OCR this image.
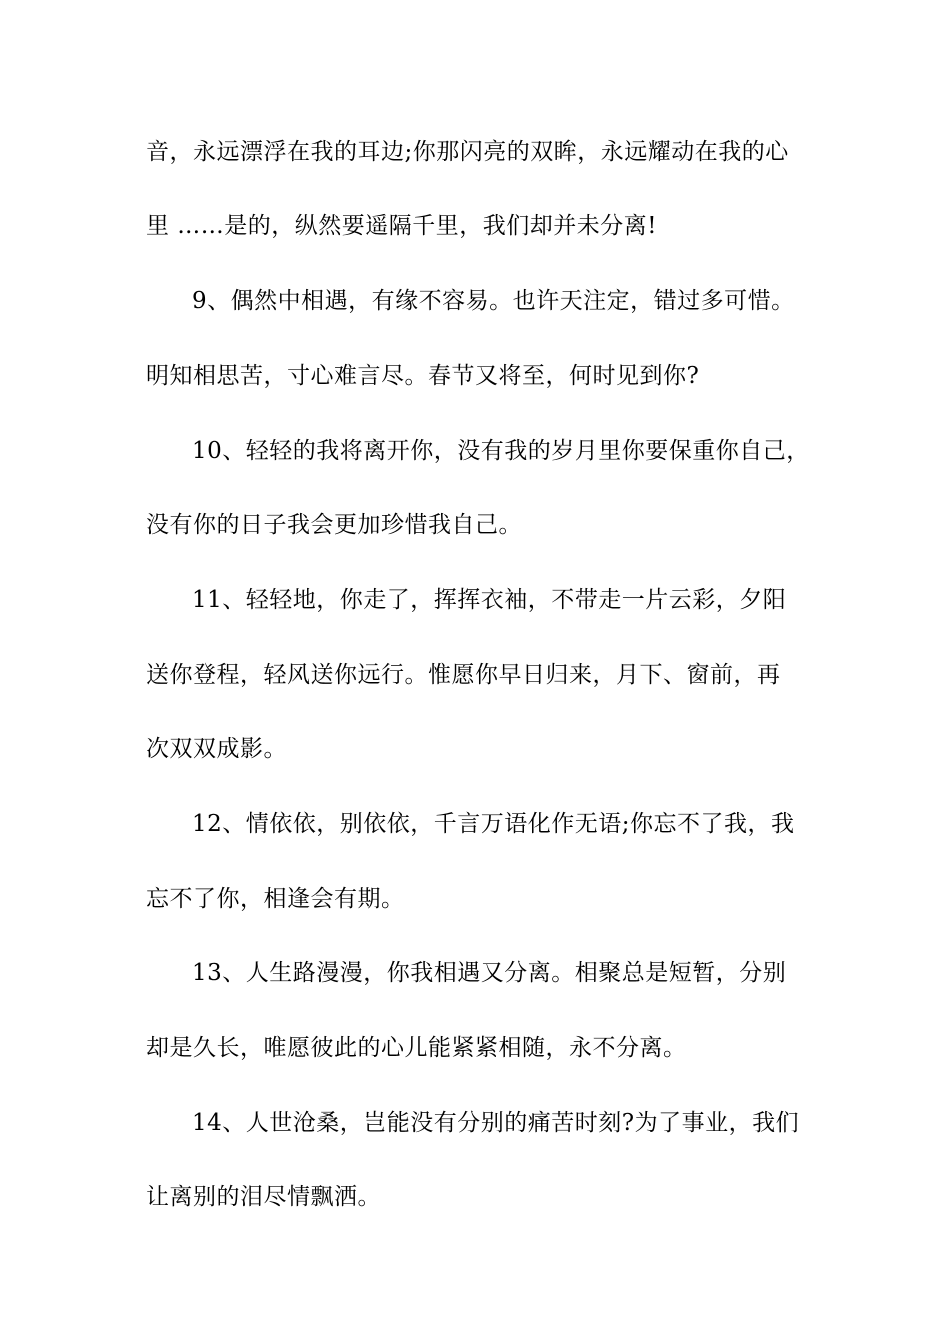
音，永远漂浮在我的耳边;你那闪亮的双眸，永远耀动在我的心
里 ……是的，纵然要遥隔千里，我们却并未分离!
9、偶然中相遇，有缘不容易。也许天注定，错过多可惜。
明知相思苦，寸心难言尽。春节又将至，何时见到你?
10、轻轻的我将离开你，没有我的岁月里你要保重你自己，
没有你的日子我会更加珍惜我自己。
11、轻轻地，你走了，挥挥衣袖，不带走一片云彩，夕阳
送你登程，轻风送你远行。惟愿你早日归来，月下、窗前，再
次双双成影。
12、情依依，别依依，千言万语化作无语;你忘不了我，我
忘不了你，相逢会有期。
13、人生路漫漫，你我相遇又分离。相聚总是短暂，分别
却是久长，唯愿彼此的心儿能紧紧相随，永不分离。
14、人世沧桑，岂能没有分别的痛苦时刻?为了事业，我们
让离别的泪尽情飘洒。
